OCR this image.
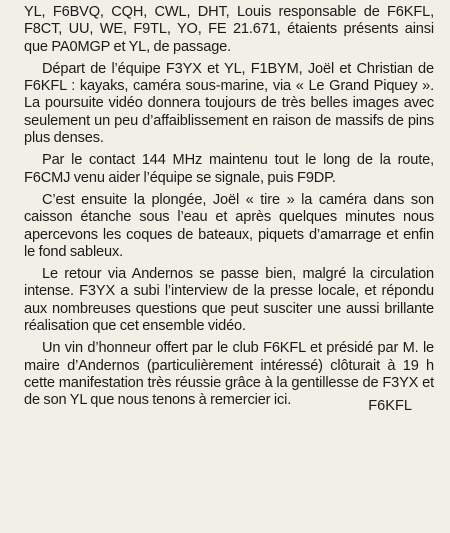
YL, F6BVQ, CQH, CWL, DHT, Louis responsable de F6KFL, F8CT, UU, WE, F9TL, YO, FE 21.671, étaients présents ainsi que PA0MGP et YL, de passage.

Départ de l’équipe F3YX et YL, F1BYM, Joël et Christian de F6KFL : kayaks, caméra sous-marine, via « Le Grand Piquey ». La poursuite vidéo donnera toujours de très belles images avec seulement un peu d’affaiblissement en raison de massifs de pins plus denses.

Par le contact 144 MHz maintenu tout le long de la route, F6CMJ venu aider l’équipe se signale, puis F9DP.

C’est ensuite la plongée, Joël « tire » la caméra dans son caisson étanche sous l’eau et après quelques minutes nous apercevons les coques de bateaux, piquets d’amarrage et enfin le fond sableux.

Le retour via Andernos se passe bien, malgré la circulation intense. F3YX a subi l’interview de la presse locale, et répondu aux nombreuses questions que peut susciter une aussi brillante réalisation que cet ensemble vidéo.

Un vin d’honneur offert par le club F6KFL et présidé par M. le maire d’Andernos (particulièrement intéressé) clôturait à 19 h cette manifestation très réussie grâce à la gentillesse de F3YX et de son YL que nous tenons à remercier ici.	F6KFL
